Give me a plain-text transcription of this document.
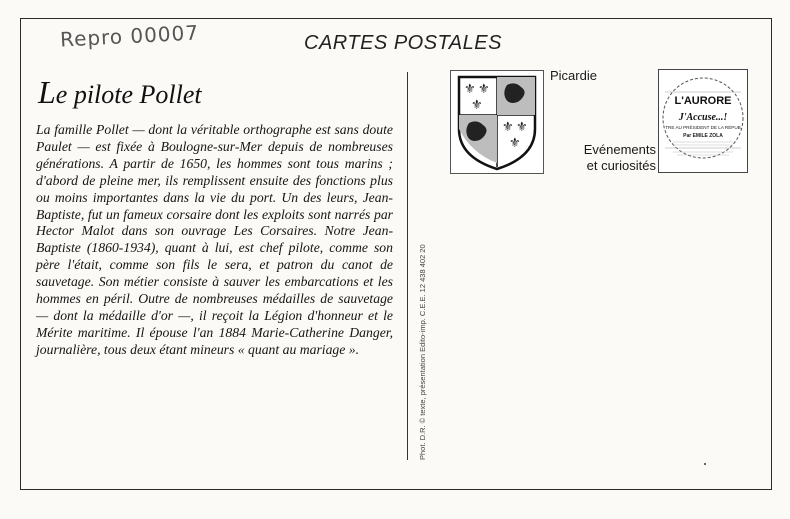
Repro 00007	CARTES POSTALES
Le pilote Pollet
La famille Pollet — dont la véritable orthographe est sans doute Paulet — est fixée à Boulogne-sur-Mer depuis de nombreuses générations. A partir de 1650, les hommes sont tous marins ; d'abord de pleine mer, ils remplissent ensuite des fonctions plus ou moins importantes dans la vie du port. Un des leurs, Jean-Baptiste, fut un fameux corsaire dont les exploits sont narrés par Hector Malot dans son ouvrage Les Corsaires. Notre Jean-Baptiste (1860-1934), quant à lui, est chef pilote, comme son père l'était, comme son fils le sera, et patron du canot de sauvetage. Son métier consiste à sauver les embarcations et les hommes en péril. Outre de nombreuses médailles de sauvetage — dont la médaille d'or —, il reçoit la Légion d'honneur et le Mérite maritime. Il épouse l'an 1884 Marie-Catherine Danger, journalière, tous deux étant mineurs « quant au mariage ».	Phot. D.R. © texte, présentation Edito-imp. C.E.E. 12 438 402 20
⚜ ⚜
⚜
⚜ ⚜
⚜
Picardie
Evénements
et curiosités
L'AURORE
J'Accuse...!
TRE AU PRÉSIDENT DE LA RÉPUB
Par EMILE ZOLA
